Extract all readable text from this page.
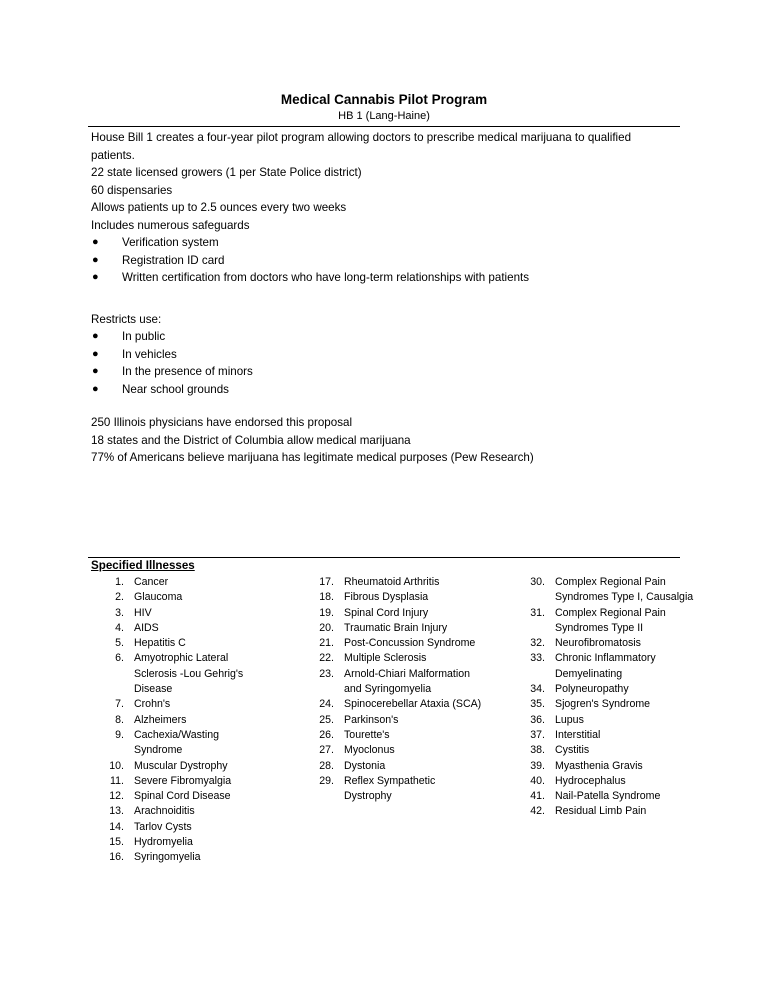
Medical Cannabis Pilot Program
HB 1 (Lang-Haine)

House Bill 1 creates a four-year pilot program allowing doctors to prescribe medical marijuana to qualified patients.

22 state licensed growers (1 per State Police district)

60 dispensaries

Allows patients up to 2.5 ounces every two weeks

Includes numerous safeguards

● Verification system
● Registration ID card
● Written certification from doctors who have long-term relationships with patients

Restricts use:

● In public
● In vehicles
● In the presence of minors
● Near school grounds

250 Illinois physicians have endorsed this proposal

18 states and the District of Columbia allow medical marijuana

77% of Americans believe marijuana has legitimate medical purposes (Pew Research)

Specified Illnesses
1. Cancer
2. Glaucoma
3. HIV
4. AIDS
5. Hepatitis C
6. Amyotrophic Lateral Sclerosis -Lou Gehrig's Disease
7. Crohn's
8. Alzheimers
9. Cachexia/Wasting Syndrome
10. Muscular Dystrophy
11. Severe Fibromyalgia
12. Spinal Cord Disease
13. Arachnoiditis
14. Tarlov Cysts
15. Hydromyelia
16. Syringomyelia
17. Rheumatoid Arthritis
18. Fibrous Dysplasia
19. Spinal Cord Injury
20. Traumatic Brain Injury
21. Post-Concussion Syndrome
22. Multiple Sclerosis
23. Arnold-Chiari Malformation and Syringomyelia
24. Spinocerebellar Ataxia (SCA)
25. Parkinson's
26. Tourette's
27. Myoclonus
28. Dystonia
29. Reflex Sympathetic Dystrophy
30. Complex Regional Pain Syndromes Type I, Causalgia
31. Complex Regional Pain Syndromes Type II
32. Neurofibromatosis
33. Chronic Inflammatory Demyelinating
34. Polyneuropathy
35. Sjogren's Syndrome
36. Lupus
37. Interstitial
38. Cystitis
39. Myasthenia Gravis
40. Hydrocephalus
41. Nail-Patella Syndrome
42. Residual Limb Pain
